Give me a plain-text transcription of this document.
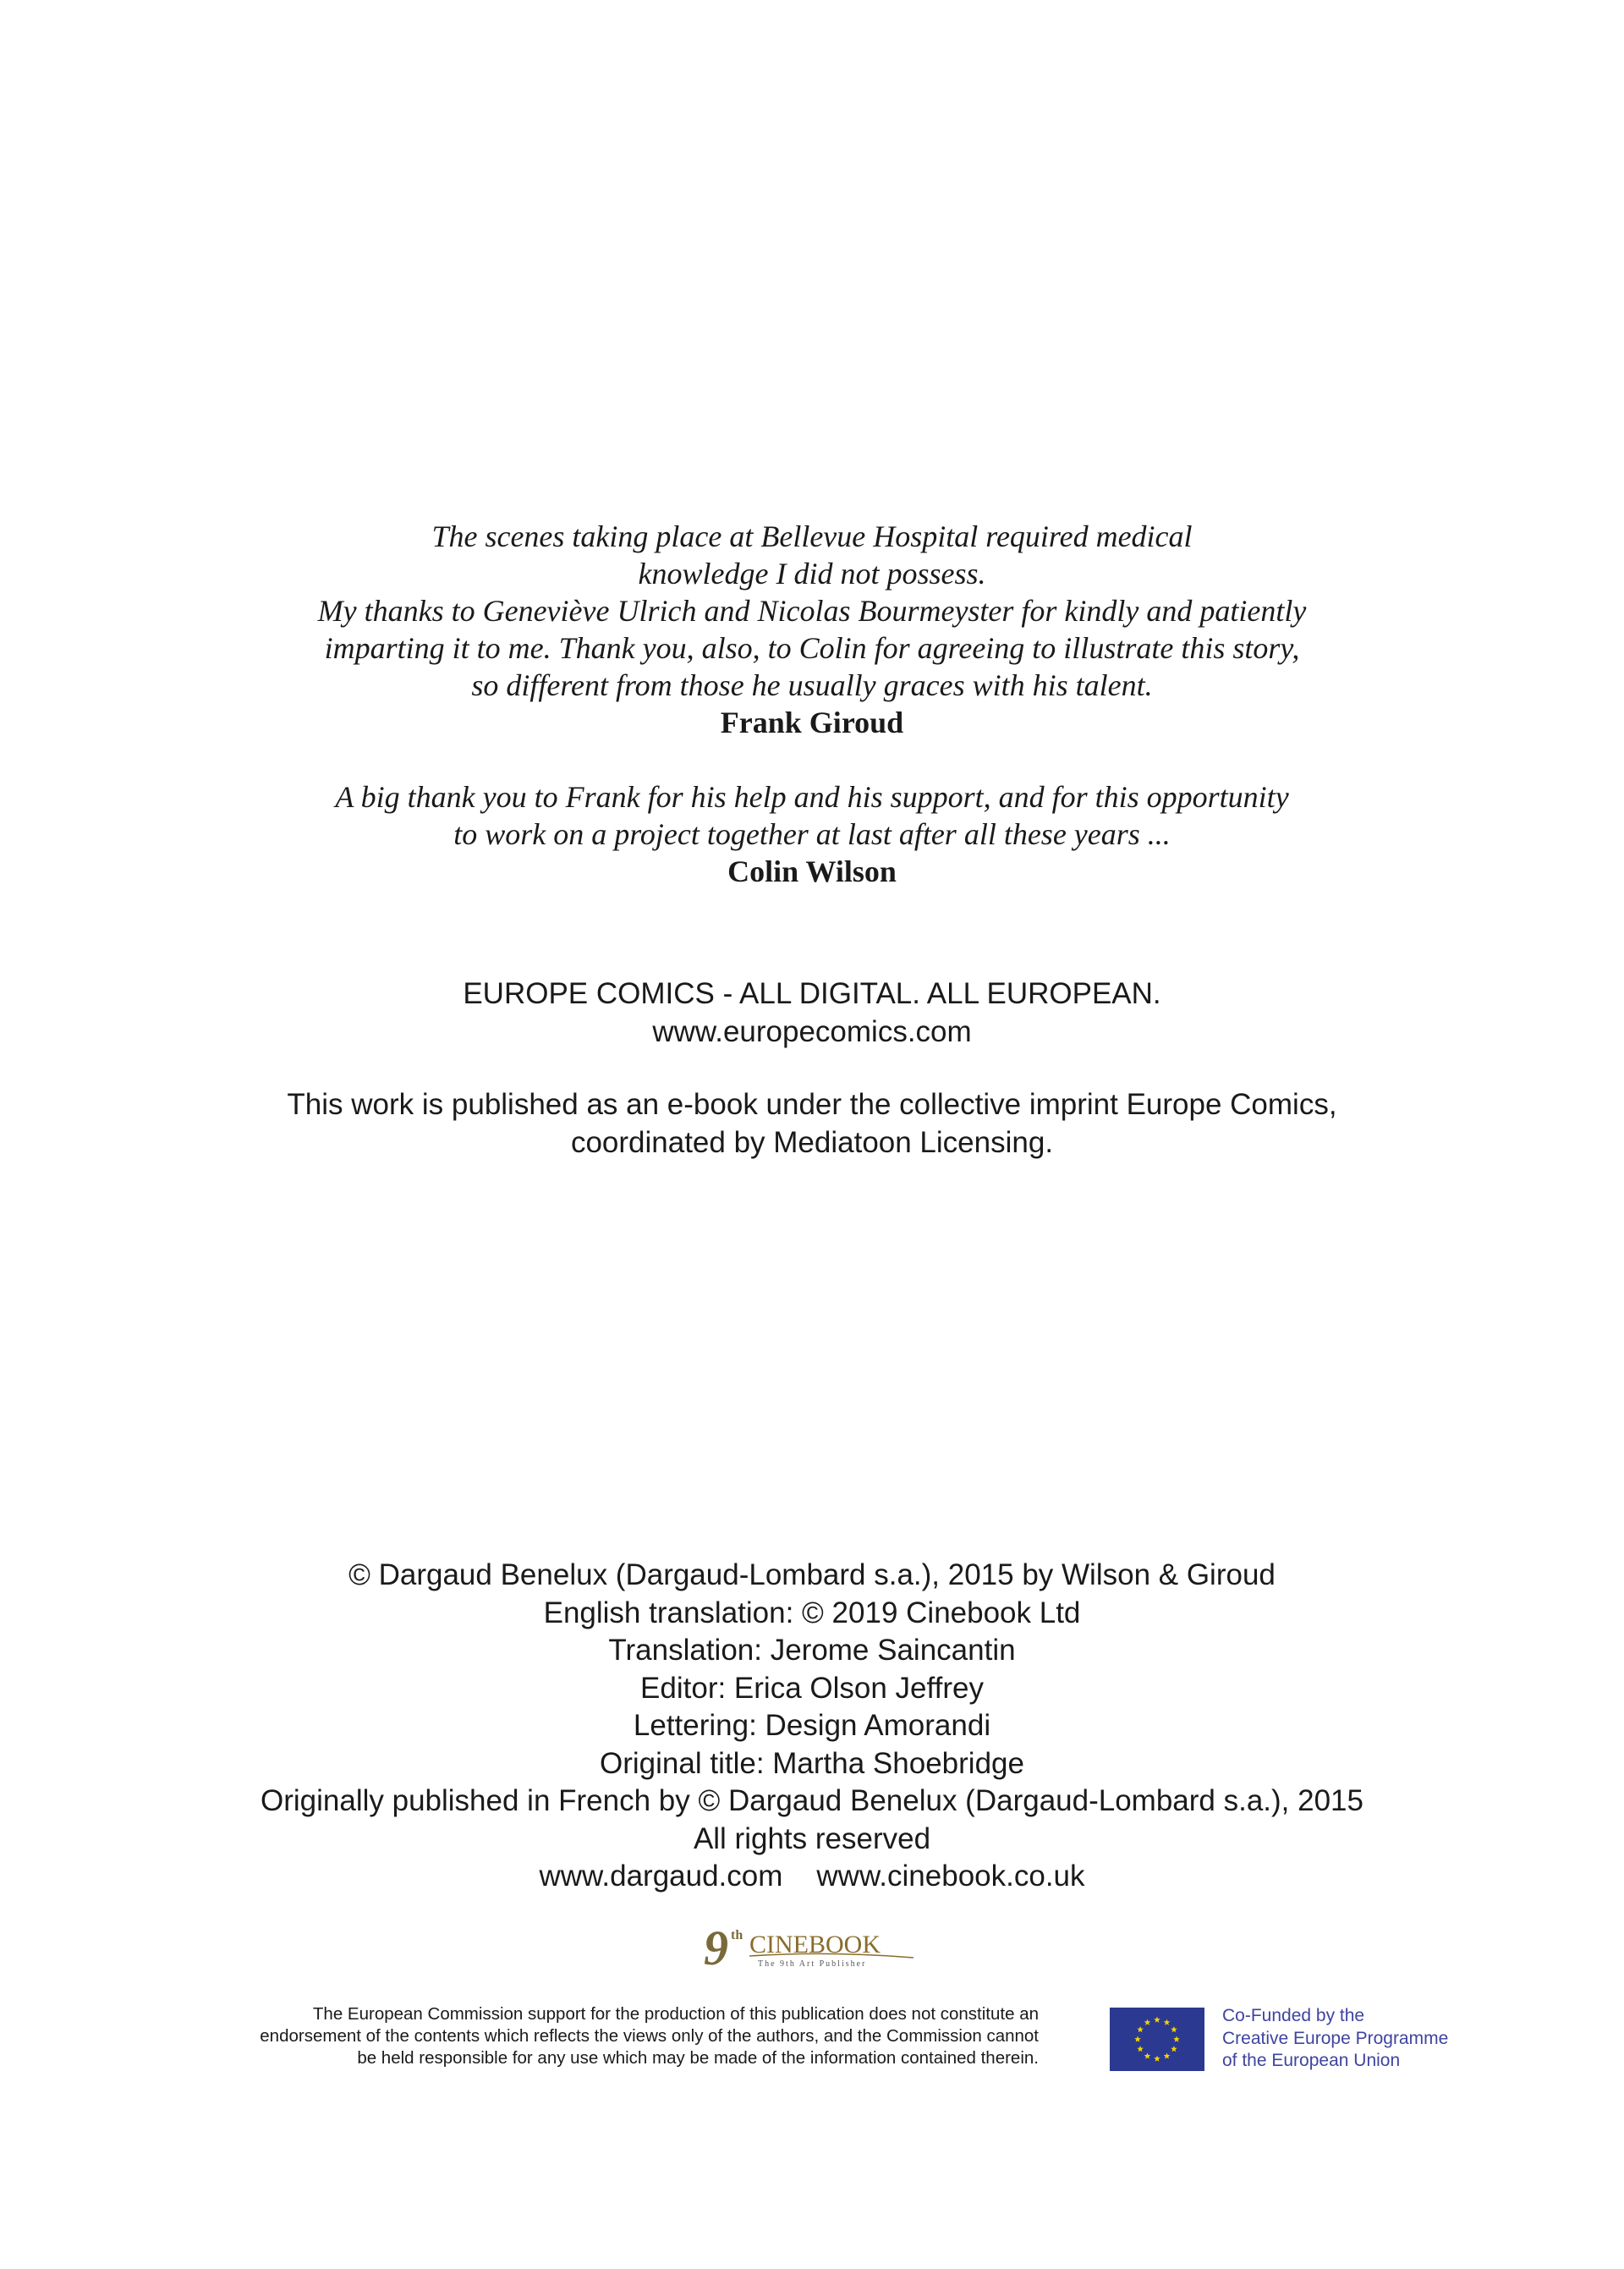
The scenes taking place at Bellevue Hospital required medical
knowledge I did not possess.
My thanks to Geneviève Ulrich and Nicolas Bourmeyster for kindly and patiently
imparting it to me. Thank you, also, to Colin for agreeing to illustrate this story,
so different from those he usually graces with his talent.
Frank Giroud
A big thank you to Frank for his help and his support, and for this opportunity
to work on a project together at last after all these years ...
Colin Wilson
EUROPE COMICS - ALL DIGITAL. ALL EUROPEAN.
www.europecomics.com
This work is published as an e-book under the collective imprint Europe Comics,
coordinated by Mediatoon Licensing.
© Dargaud Benelux (Dargaud-Lombard s.a.), 2015 by Wilson & Giroud
English translation: © 2019 Cinebook Ltd
Translation: Jerome Saincantin
Editor: Erica Olson Jeffrey
Lettering: Design Amorandi
Original title: Martha Shoebridge
Originally published in French by © Dargaud Benelux (Dargaud-Lombard s.a.), 2015
All rights reserved
www.dargaud.com www.cinebook.co.uk
9 th CINEBOOK
The 9th Art Publisher
The European Commission support for the production of this publication does not constitute an
endorsement of the contents which reflects the views only of the authors, and the Commission cannot
be held responsible for any use which may be made of the information contained therein.
Co-Funded by the
Creative Europe Programme
of the European Union
